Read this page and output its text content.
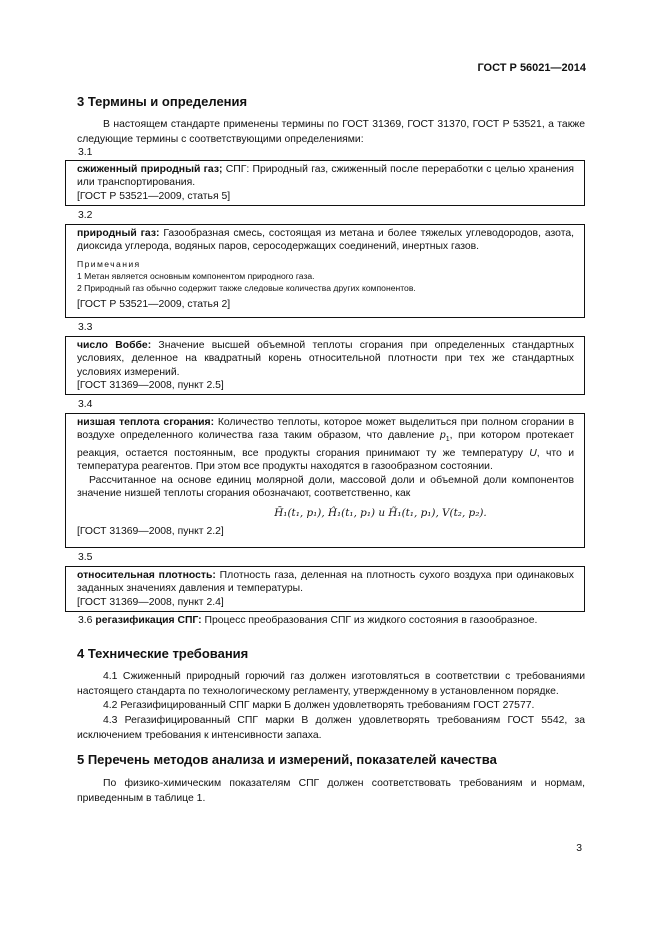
ГОСТ Р 56021—2014
3 Термины и определения
В настоящем стандарте применены термины по ГОСТ 31369, ГОСТ 31370, ГОСТ Р 53521, а также следующие термины с соответствующими определениями:
3.1
сжиженный природный газ; СПГ: Природный газ, сжиженный после переработки с целью хранения или транспортирования.
[ГОСТ Р 53521—2009, статья 5]
3.2
природный газ: Газообразная смесь, состоящая из метана и более тяжелых углеводородов, азота, диоксида углерода, водяных паров, серосодержащих соединений, инертных газов.
Примечания
1 Метан является основным компонентом природного газа.
2 Природный газ обычно содержит также следовые количества других компонентов.
[ГОСТ Р 53521—2009, статья 2]
3.3
число Воббе: Значение высшей объемной теплоты сгорания при определенных стандартных условиях, деленное на квадратный корень относительной плотности при тех же стандартных условиях измерений.
[ГОСТ 31369—2008, пункт 2.5]
3.4
низшая теплота сгорания: Количество теплоты, которое может выделиться при полном сгорании в воздухе определенного количества газа таким образом, что давление $p_1$, при котором протекает реакция, остается постоянным, все продукты сгорания принимают ту же температуру U, что и температура реагентов. При этом все продукты находятся в газообразном состоянии.
Рассчитанное на основе единиц молярной доли, массовой доли и объемной доли компонентов значение низшей теплоты сгорания обозначают, соответственно, как
H̄₁(t₁, p₁), Ĥ₁(t₁, p₁) и H̃₁(t₁, p₁), V(t₂, p₂).
[ГОСТ 31369—2008, пункт 2.2]
3.5
относительная плотность: Плотность газа, деленная на плотность сухого воздуха при одинаковых заданных значениях давления и температуры.
[ГОСТ 31369—2008, пункт 2.4]
3.6 регазификация СПГ: Процесс преобразования СПГ из жидкого состояния в газообразное.
4 Технические требования
4.1 Сжиженный природный горючий газ должен изготовляться в соответствии с требованиями настоящего стандарта по технологическому регламенту, утвержденному в установленном порядке.
4.2 Регазифицированный СПГ марки Б должен удовлетворять требованиям ГОСТ 27577.
4.3 Регазифицированный СПГ марки В должен удовлетворять требованиям ГОСТ 5542, за исключением требования к интенсивности запаха.
5 Перечень методов анализа и измерений, показателей качества
По физико-химическим показателям СПГ должен соответствовать требованиям и нормам, приведенным в таблице 1.
3
